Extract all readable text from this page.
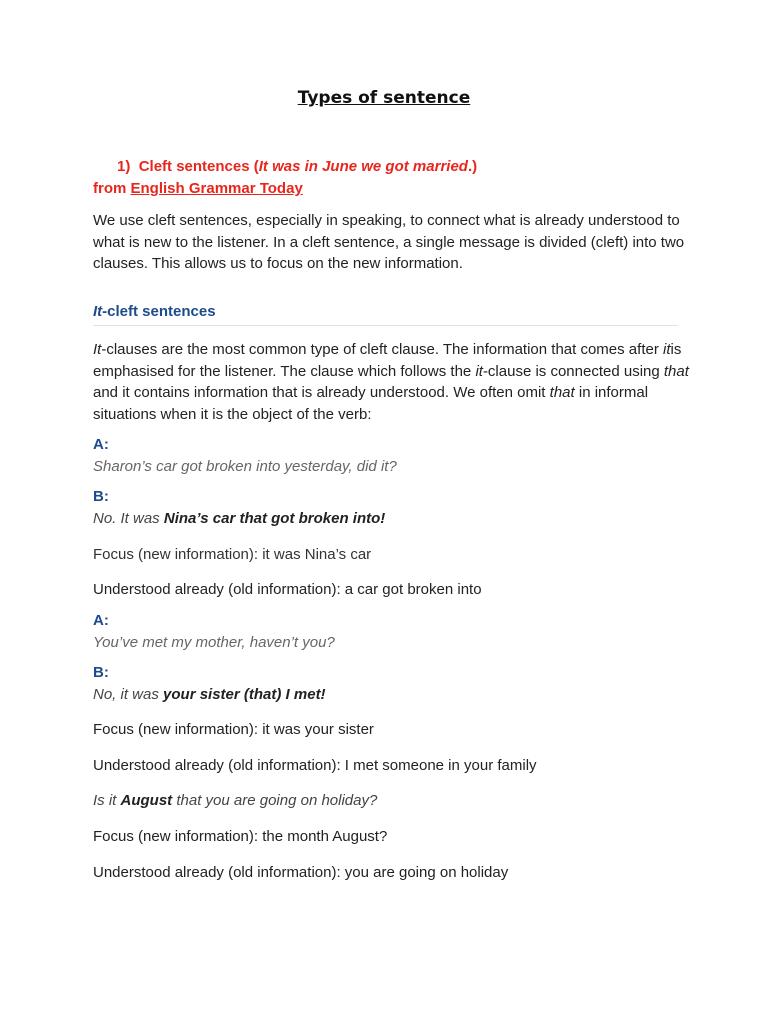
Types of sentence

1) Cleft sentences (It was in June we got married.)

from English Grammar Today

We use cleft sentences, especially in speaking, to connect what is already understood to what is new to the listener. In a cleft sentence, a single message is divided (cleft) into two clauses. This allows us to focus on the new information.

It-cleft sentences

It-clauses are the most common type of cleft clause. The information that comes after itis emphasised for the listener. The clause which follows the it-clause is connected using that and it contains information that is already understood. We often omit that in informal situations when it is the object of the verb:

A:

Sharon’s car got broken into yesterday, did it?

B:

No. It was Nina’s car that got broken into!

Focus (new information): it was Nina’s car

Understood already (old information): a car got broken into

A:

You’ve met my mother, haven’t you?

B:

No, it was your sister (that) I met!

Focus (new information): it was your sister

Understood already (old information): I met someone in your family

Is it August that you are going on holiday?

Focus (new information): the month August?

Understood already (old information): you are going on holiday
